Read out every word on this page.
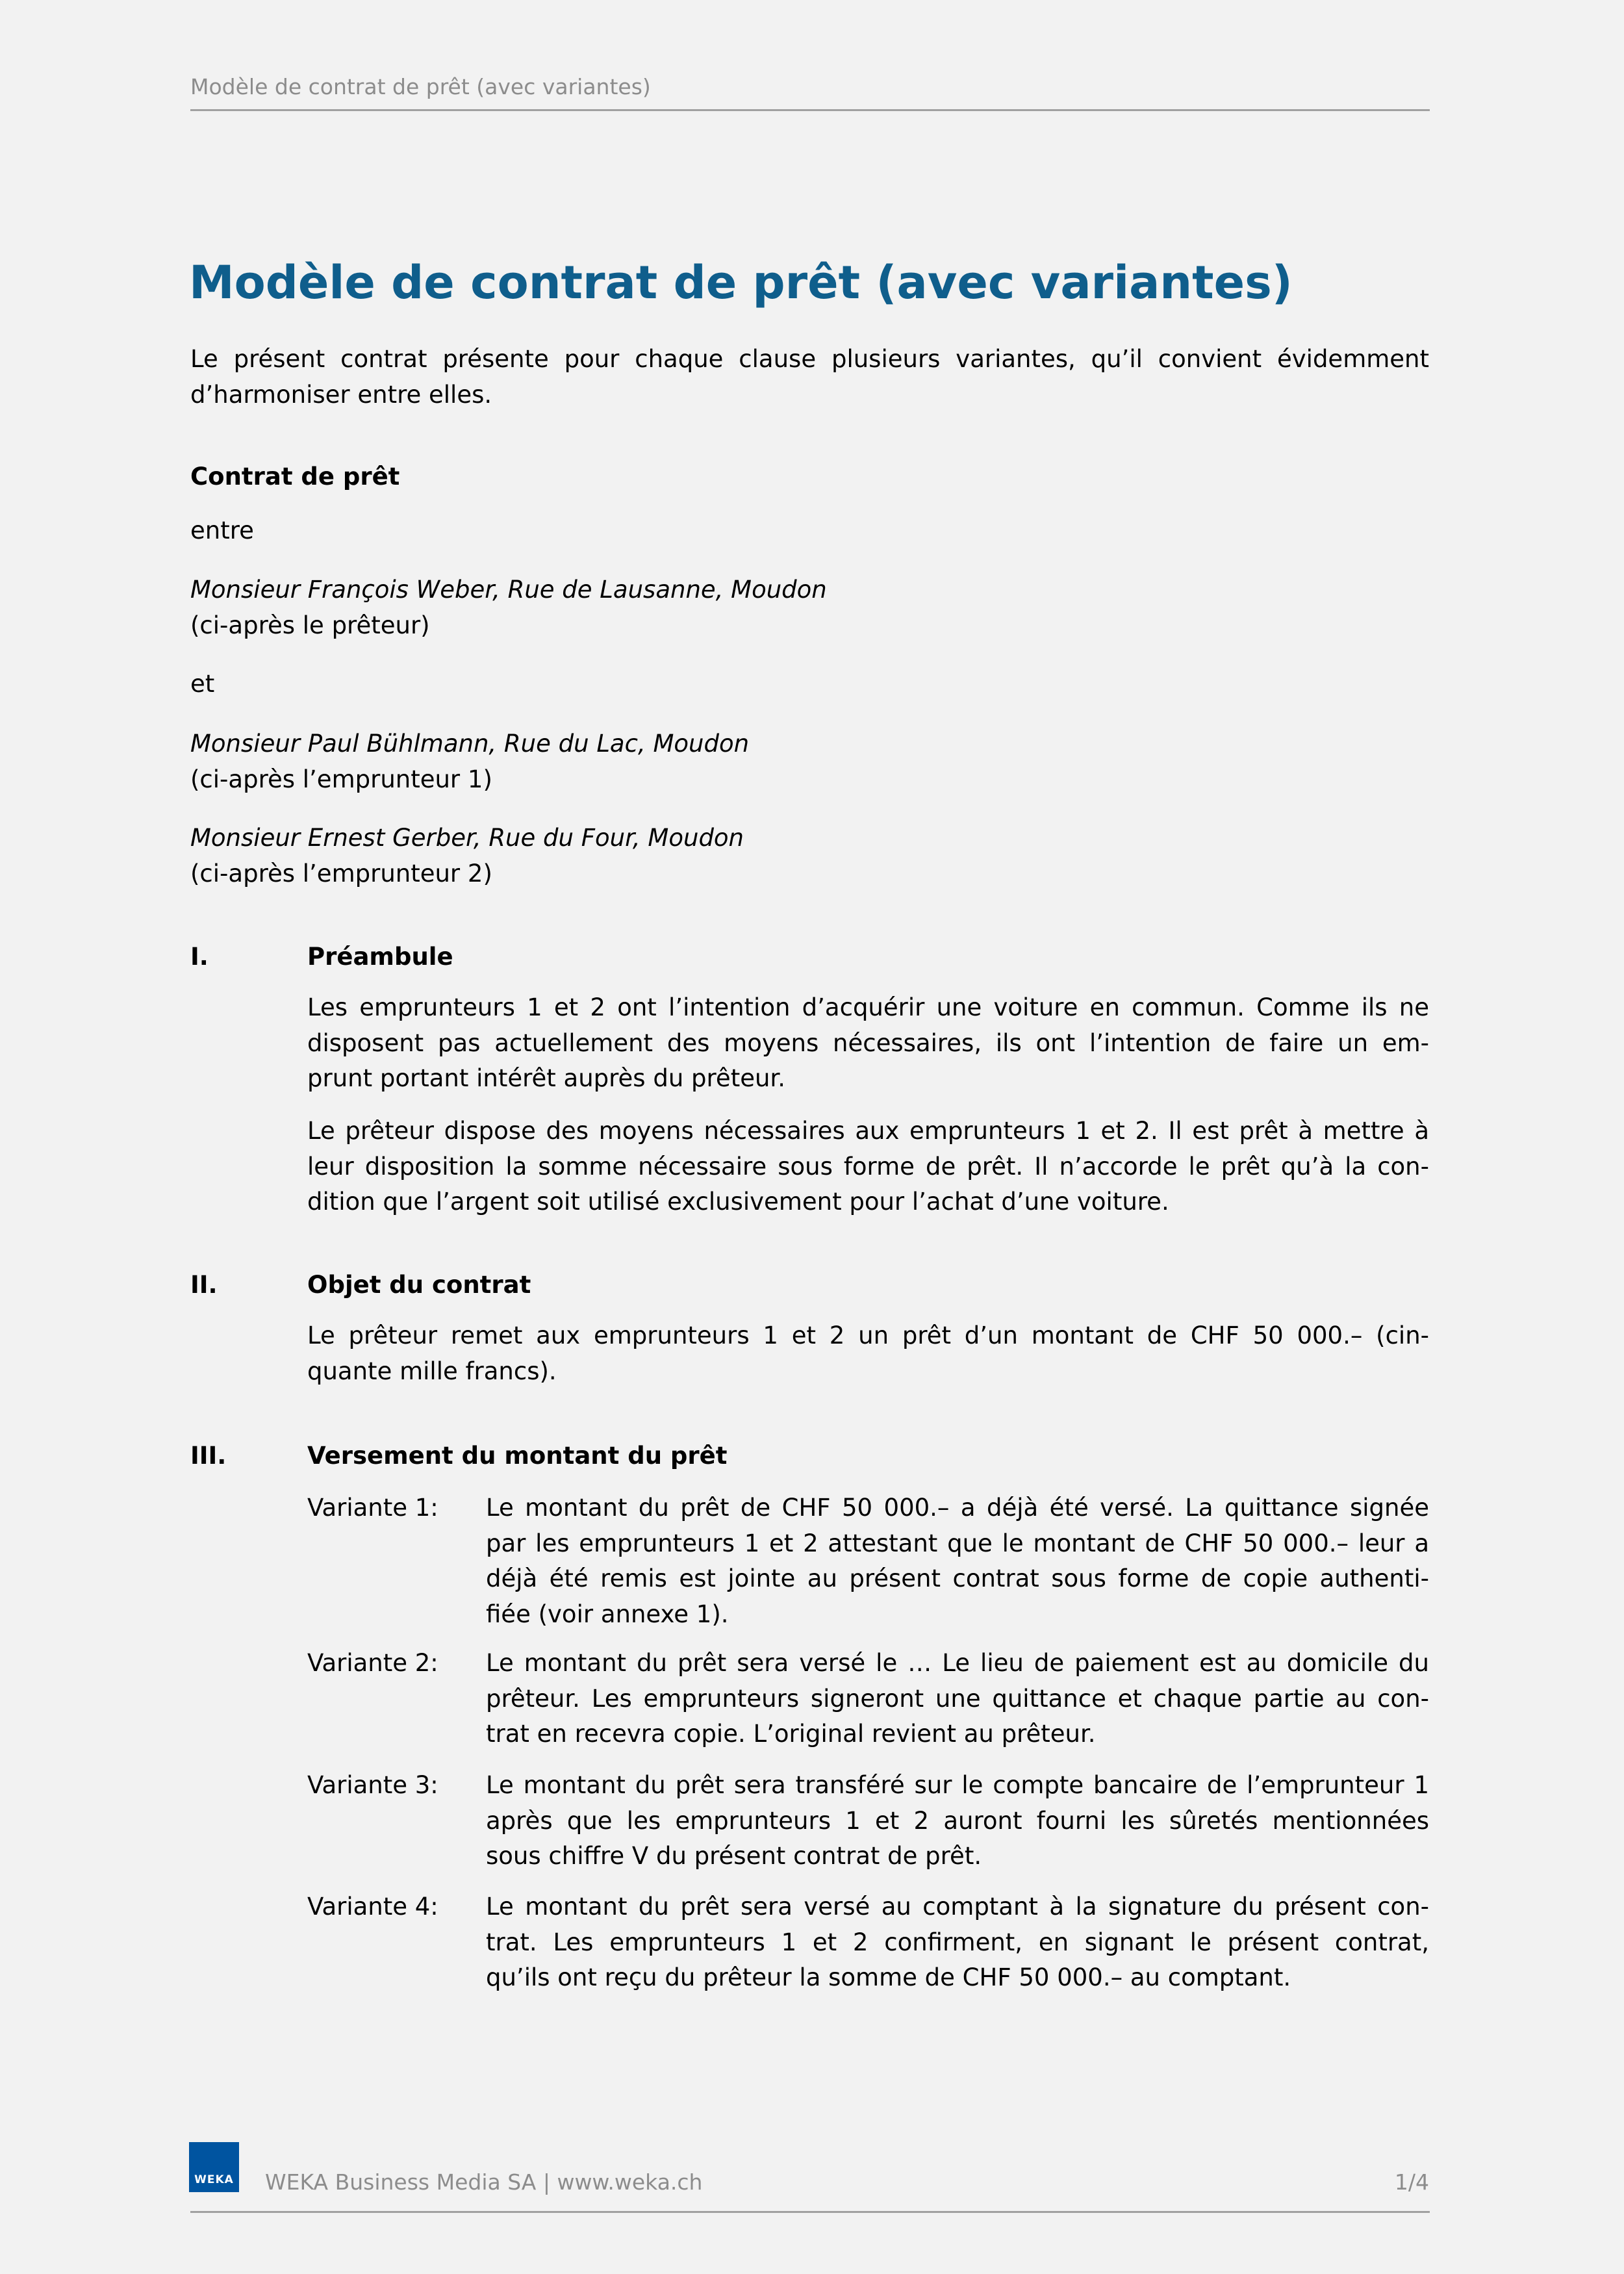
Modèle de contrat de prêt (avec variantes)
Modèle de contrat de prêt (avec variantes)
Le présent contrat présente pour chaque clause plusieurs variantes, qu’il convient évidemment
d’harmoniser entre elles.
Contrat de prêt
entre
Monsieur François Weber, Rue de Lausanne, Moudon
(ci-après le prêteur)
et
Monsieur Paul Bühlmann, Rue du Lac, Moudon
(ci-après l’emprunteur 1)
Monsieur Ernest Gerber, Rue du Four, Moudon
(ci-après l’emprunteur 2)
I.	Préambule
Les emprunteurs 1 et 2 ont l’intention d’acquérir une voiture en commun. Comme ils ne
disposent pas actuellement des moyens nécessaires, ils ont l’intention de faire un em-
prunt portant intérêt auprès du prêteur.
Le prêteur dispose des moyens nécessaires aux emprunteurs 1 et 2. Il est prêt à mettre à
leur disposition la somme nécessaire sous forme de prêt. Il n’accorde le prêt qu’à la con-
dition que l’argent soit utilisé exclusivement pour l’achat d’une voiture.
II.	Objet du contrat
Le prêteur remet aux emprunteurs 1 et 2 un prêt d’un montant de CHF 50 000.– (cin-
quante mille francs).
III.	Versement du montant du prêt
Variante 1: Le montant du prêt de CHF 50 000.– a déjà été versé. La quittance signée
par les emprunteurs 1 et 2 attestant que le montant de CHF 50 000.– leur a
déjà été remis est jointe au présent contrat sous forme de copie authenti-
fiée (voir annexe 1).
Variante 2: Le montant du prêt sera versé le … Le lieu de paiement est au domicile du
prêteur. Les emprunteurs signeront une quittance et chaque partie au con-
trat en recevra copie. L’original revient au prêteur.
Variante 3: Le montant du prêt sera transféré sur le compte bancaire de l’emprunteur 1
après que les emprunteurs 1 et 2 auront fourni les sûretés mentionnées
sous chiffre V du présent contrat de prêt.
Variante 4: Le montant du prêt sera versé au comptant à la signature du présent con-
trat. Les emprunteurs 1 et 2 confirment, en signant le présent contrat,
qu’ils ont reçu du prêteur la somme de CHF 50 000.– au comptant.
WEKA WEKA Business Media SA | www.weka.ch	1/4
